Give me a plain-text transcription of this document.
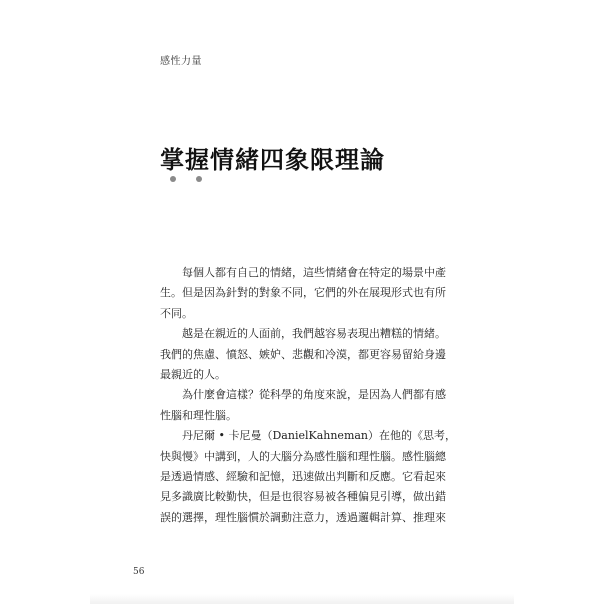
感性力量
掌握情緒四象限理論
每個人都有自己的情緒，這些情緒會在特定的場景中產
生。但是因為針對的對象不同，它們的外在展現形式也有所
不同。
越是在親近的人面前，我們越容易表現出糟糕的情緒。
我們的焦慮、憤怒、嫉妒、悲觀和冷漠，都更容易留給身邊
最親近的人。
為什麼會這樣？從科學的角度來說，是因為人們都有感
性腦和理性腦。
丹尼爾 • 卡尼曼（DanielKahneman）在他的《思考，
快與慢》中講到，人的大腦分為感性腦和理性腦。感性腦總
是透過情感、經驗和記憶，迅速做出判斷和反應。它看起來
見多識廣比較勤快，但是也很容易被各種偏見引導，做出錯
誤的選擇，理性腦慣於調動注意力，透過邏輯計算、推理來
56
